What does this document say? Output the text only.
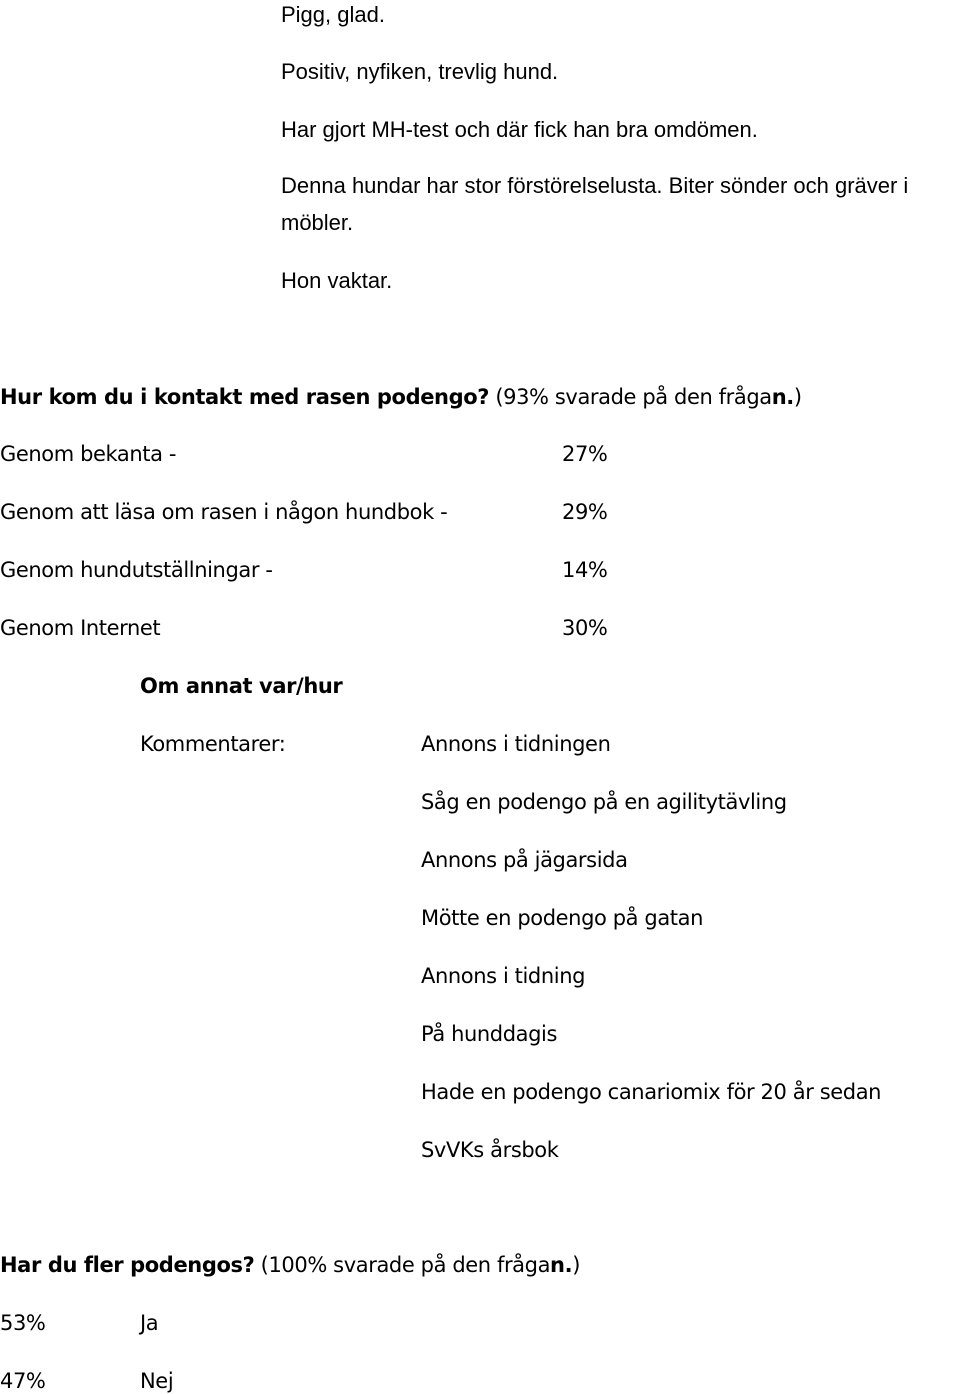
Pigg, glad.

Positiv, nyfiken, trevlig hund.

Har gjort MH-test och där fick han bra omdömen.

Denna hundar har stor förstörelselusta. Biter sönder och gräver i möbler.

Hon vaktar.

Hur kom du i kontakt med rasen podengo? (93% svarade på den frågan.)

Genom bekanta -	27%

Genom att läsa om rasen i någon hundbok -	29%

Genom hundutställningar -	14%

Genom Internet	30%

Om annat var/hur

Kommentarer:	Annons i tidningen

Såg en podengo på en agilitytävling

Annons på jägarsida

Mötte en podengo på gatan

Annons i tidning

På hunddagis

Hade en podengo canariomix för 20 år sedan

SvVKs årsbok

Har du fler podengos? (100% svarade på den frågan.)

53%	Ja

47%	Nej
